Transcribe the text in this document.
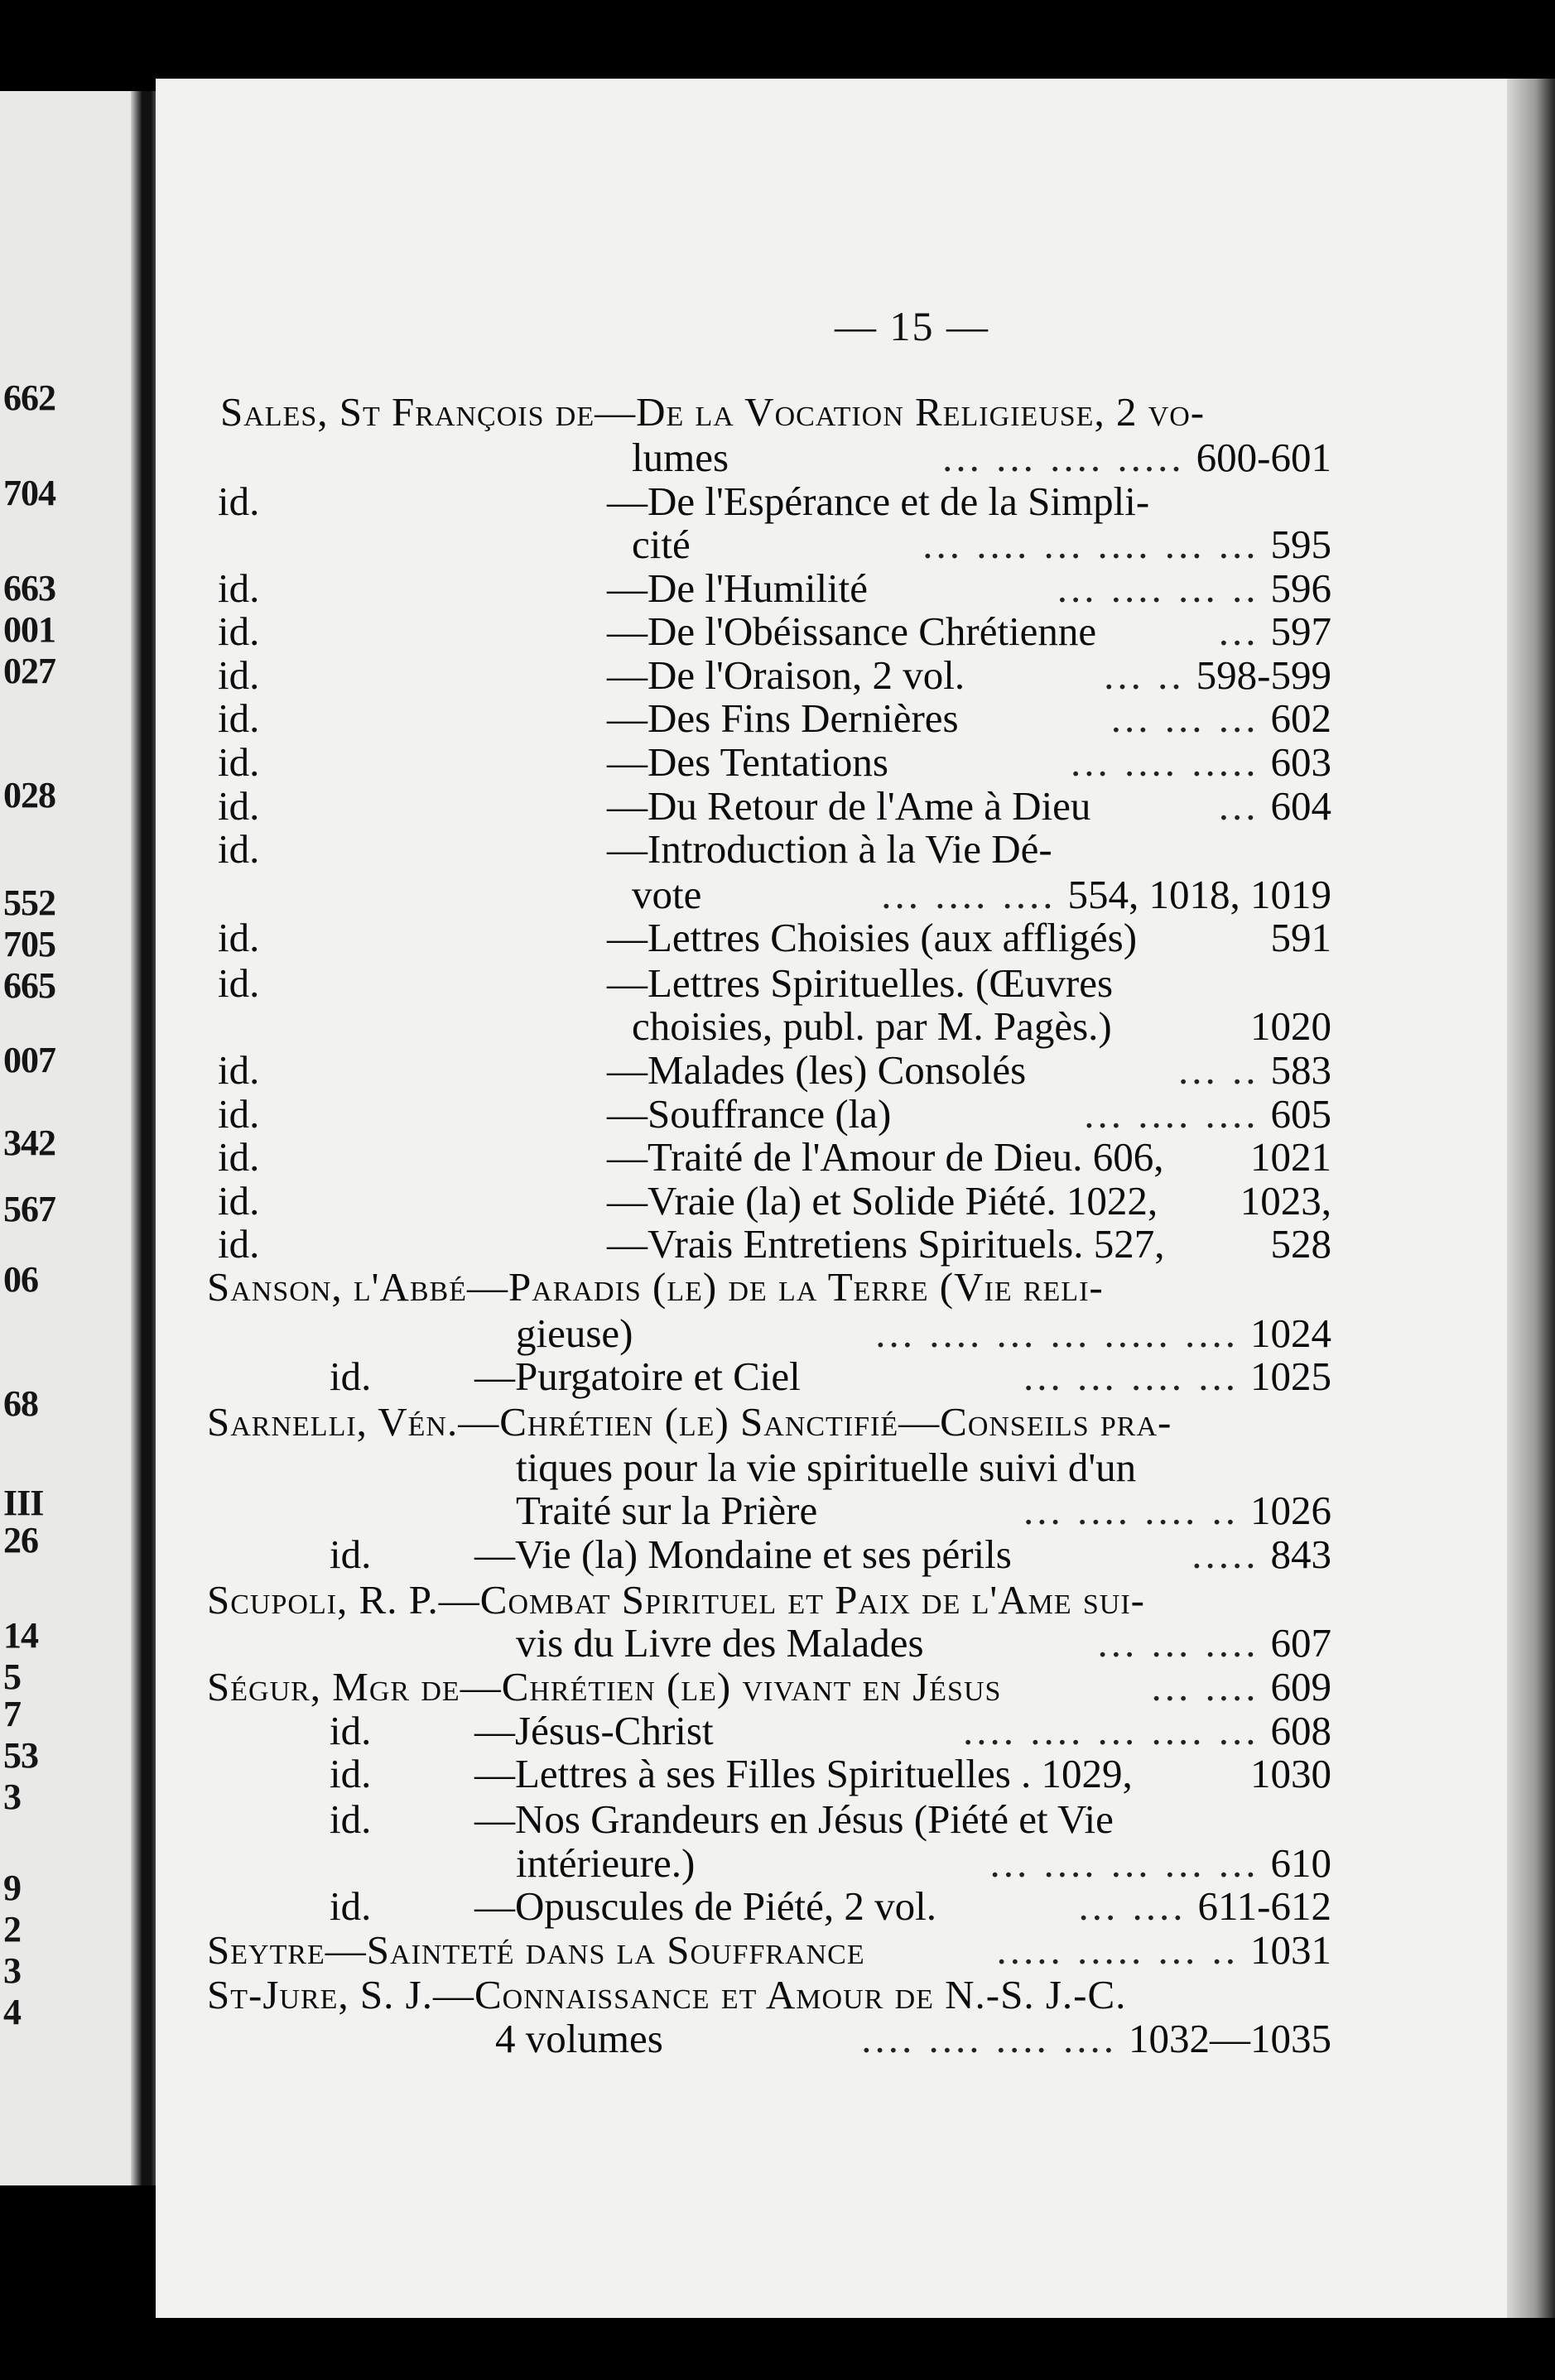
662
704
663
001
027
028
552
705
665
007
342
567
06
68
III
26
14
5
7
53
3
9
2
3
4
— 15 —
Sales, St François de —De la Vocation Religieuse, 2 vo-
lumes	600-601
... ... .... .....
id.	—De l'Espérance et de la Simpli-
cité	595
... .... ... .... ... ...
id.	—De l'Humilité	596
... .... ... ..
id.	—De l'Obéissance Chrétienne	597
...
id.	—De l'Oraison, 2 vol.	598-599
... ..
id.	—Des Fins Dernières	602
... ... ...
id.	—Des Tentations	603
... .... .....
id.	—Du Retour de l'Ame à Dieu	604
...
id.	—Introduction à la Vie Dé-
vote	554, 1018, 1019
... .... ....
id.	—Lettres Choisies (aux affligés)	591
id.	—Lettres Spirituelles. (Œuvres
choisies, publ. par M. Pagès.)	1020
id.	—Malades (les) Consolés	583
... ..
id.	—Souffrance (la)	605
... .... ....
id.	—Traité de l'Amour de Dieu. 606, 1021
id.	—Vraie (la) et Solide Piété. 1022, 1023,
id.	—Vrais Entretiens Spirituels. 527,	528
Sanson, l'Abbé —Paradis (le) de la Terre (Vie reli-
gieuse)	1024
... .... ... ... ..... ....
id.	—Purgatoire et Ciel	1025
... ... .... ...
Sarnelli, Vén. —Chrétien (le) Sanctifié—Conseils pra-
tiques pour la vie spirituelle suivi d'un
Traité sur la Prière	1026
... .... .... ..
id.	—Vie (la) Mondaine et ses périls	843
.....
Scupoli, R. P. —Combat Spirituel et Paix de l'Ame sui-
vis du Livre des Malades	607
... ... ....
Ségur, Mgr de —Chrétien (le) vivant en Jésus	609
... ....
id.	—Jésus-Christ	608
.... .... ... .... ...
id.	—Lettres à ses Filles Spirituelles . 1029,	1030
id.	—Nos Grandeurs en Jésus (Piété et Vie
intérieure.)	610
... .... ... ... ...
id.	—Opuscules de Piété, 2 vol.	611-612
... ....
Seytre —Sainteté dans la Souffrance	1031
..... ..... ... ..
St-Jure, S. J. —Connaissance et Amour de N.-S. J.-C.
4 volumes	1032—1035
.... .... .... ....
